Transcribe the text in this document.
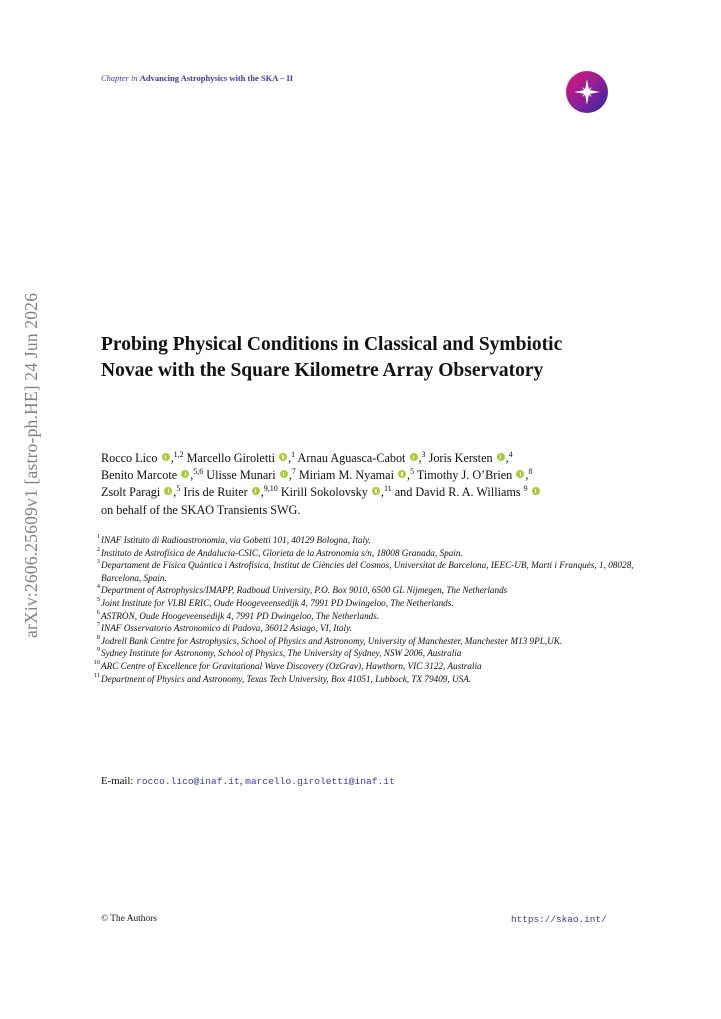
Chapter in Advancing Astrophysics with the SKA – II
arXiv:2606.25609v1 [astro-ph.HE] 24 Jun 2026	Probing Physical Conditions in Classical and Symbiotic
Novae with the Square Kilometre Array Observatory
Rocco Lico ,$^{1,2}$ Marcello Giroletti ,$^1$ Arnau Aguasca-Cabot ,$^3$ Joris Kersten ,$^4$
Benito Marcote ,$^{5,6}$ Ulisse Munari ,$^7$ Miriam M. Nyamai ,$^5$ Timothy J. O’Brien ,$^8$
Zsolt Paragi ,$^5$ Iris de Ruiter ,$^{9,10}$ Kirill Sokolovsky ,$^{11}$ and David R. A. Williams $^9$
on behalf of the SKAO Transients SWG.
1 INAF Istituto di Radioastronomia, via Gobetti 101, 40129 Bologna, Italy.
2 Instituto de Astrofísica de Andalucía-CSIC, Glorieta de la Astronomía s/n, 18008 Granada, Spain.
3 Departament de Física Quàntica i Astrofísica, Institut de Ciències del Cosmos, Universitat de Barcelona, IEEC-UB, Martí i Franquès, 1, 08028, Barcelona, Spain.
4 Department of Astrophysics/IMAPP, Radboud University, P.O. Box 9010, 6500 GL Nijmegen, The Netherlands
5 Joint Institute for VLBI ERIC, Oude Hoogeveensedijk 4, 7991 PD Dwingeloo, The Netherlands.
6 ASTRON, Oude Hoogeveensedijk 4, 7991 PD Dwingeloo, The Netherlands.
7 INAF Osservatorio Astronomico di Padova, 36012 Asiago, VI, Italy.
8 Jodrell Bank Centre for Astrophysics, School of Physics and Astronomy, University of Manchester, Manchester M13 9PL,UK.
9 Sydney Institute for Astronomy, School of Physics, The University of Sydney, NSW 2006, Australia
10 ARC Centre of Excellence for Gravitational Wave Discovery (OzGrav), Hawthorn, VIC 3122, Australia
11 Department of Physics and Astronomy, Texas Tech University, Box 41051, Lubbock, TX 79409, USA.
E-mail: rocco.lico@inaf.it, marcello.giroletti@inaf.it
© The Authors	https://skao.int/
